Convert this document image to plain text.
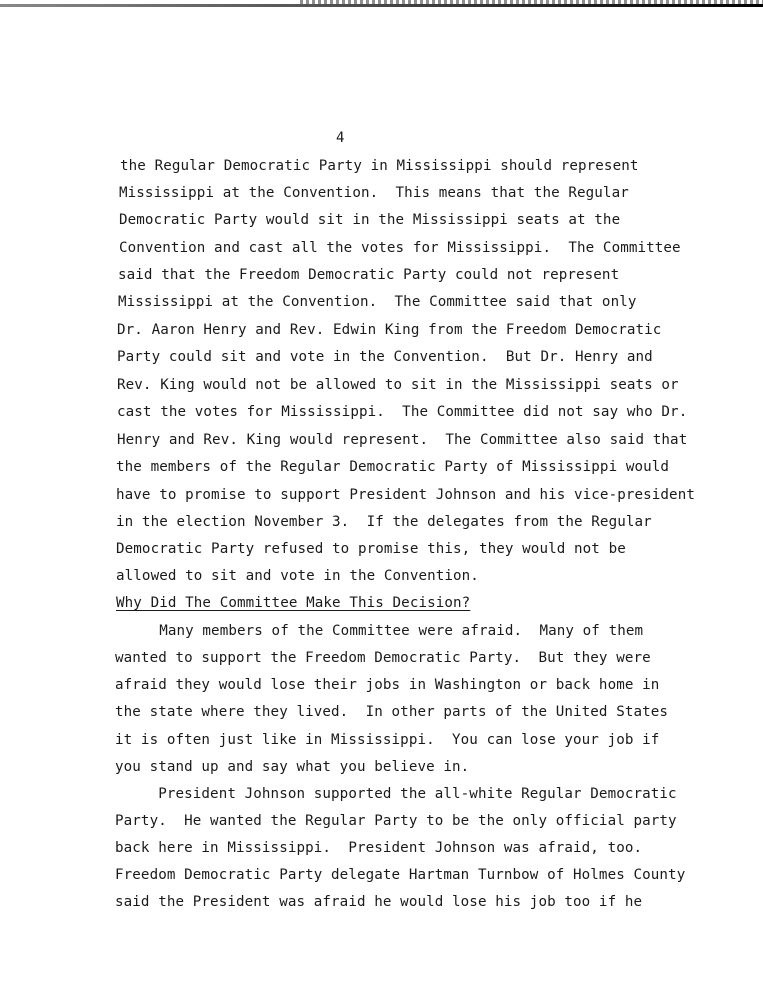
4
the Regular Democratic Party in Mississippi should represent
Mississippi at the Convention.  This means that the Regular
Democratic Party would sit in the Mississippi seats at the
Convention and cast all the votes for Mississippi.  The Committee
said that the Freedom Democratic Party could not represent
Mississippi at the Convention.  The Committee said that only
Dr. Aaron Henry and Rev. Edwin King from the Freedom Democratic
Party could sit and vote in the Convention.  But Dr. Henry and
Rev. King would not be allowed to sit in the Mississippi seats or
cast the votes for Mississippi.  The Committee did not say who Dr.
Henry and Rev. King would represent.  The Committee also said that
the members of the Regular Democratic Party of Mississippi would
have to promise to support President Johnson and his vice-president
in the election November 3.  If the delegates from the Regular
Democratic Party refused to promise this, they would not be
allowed to sit and vote in the Convention.
Why Did The Committee Make This Decision?
Many members of the Committee were afraid.  Many of them
wanted to support the Freedom Democratic Party.  But they were
afraid they would lose their jobs in Washington or back home in
the state where they lived.  In other parts of the United States
it is often just like in Mississippi.  You can lose your job if
you stand up and say what you believe in.
President Johnson supported the all-white Regular Democratic
Party.  He wanted the Regular Party to be the only official party
back here in Mississippi.  President Johnson was afraid, too.
Freedom Democratic Party delegate Hartman Turnbow of Holmes County
said the President was afraid he would lose his job too if he
